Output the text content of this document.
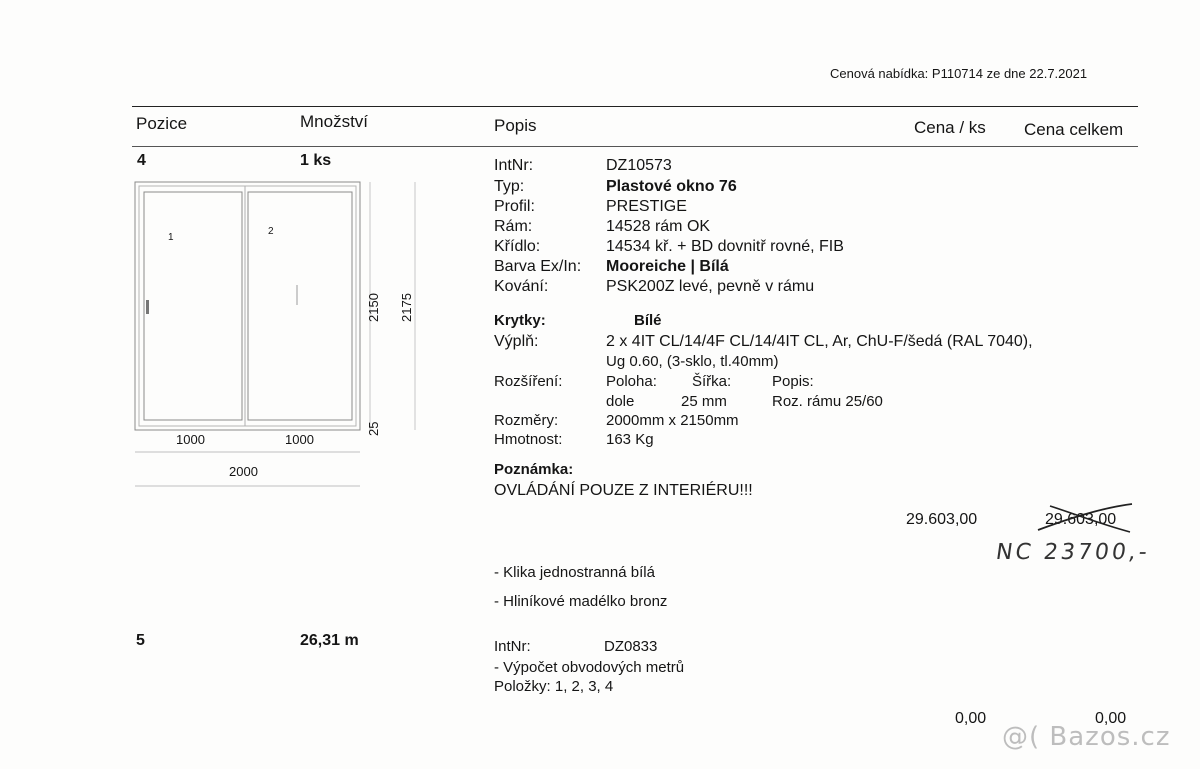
Cenová nabídka: P110714 ze dne 22.7.2021
Pozice	Množství	Popis	Cena / ks Cena celkem
4	1 ks
1
2
1000	1000
2000
2150 2175
25
IntNr:	DZ10573
Typ:	Plastové okno 76
Profil:	PRESTIGE
Rám:	14528 rám OK
Křídlo:	14534 kř. + BD dovnitř rovné, FIB
Barva Ex/In: Mooreiche | Bílá
Kování:	PSK200Z levé, pevně v rámu
Krytky:	Bílé
Výplň:	2 x 4IT CL/14/4F CL/14/4IT CL, Ar, ChU-F/šedá (RAL 7040),
Ug 0.60, (3-sklo, tl.40mm)
Rozšíření:	Poloha: Šířka:	Popis:
dole	25 mm	Roz. rámu 25/60
Rozměry:	2000mm x 2150mm
Hmotnost:	163 Kg
Poznámka:
OVLÁDÁNÍ POUZE Z INTERIÉRU!!!
29.603,00	29.603,00
NC 23700,-
- Klika jednostranná bílá
- Hliníkové madélko bronz
5	26,31 m	IntNr:	DZ0833
- Výpočet obvodových metrů
Položky: 1, 2, 3, 4
0,00	0,00
@( Bazos.cz
